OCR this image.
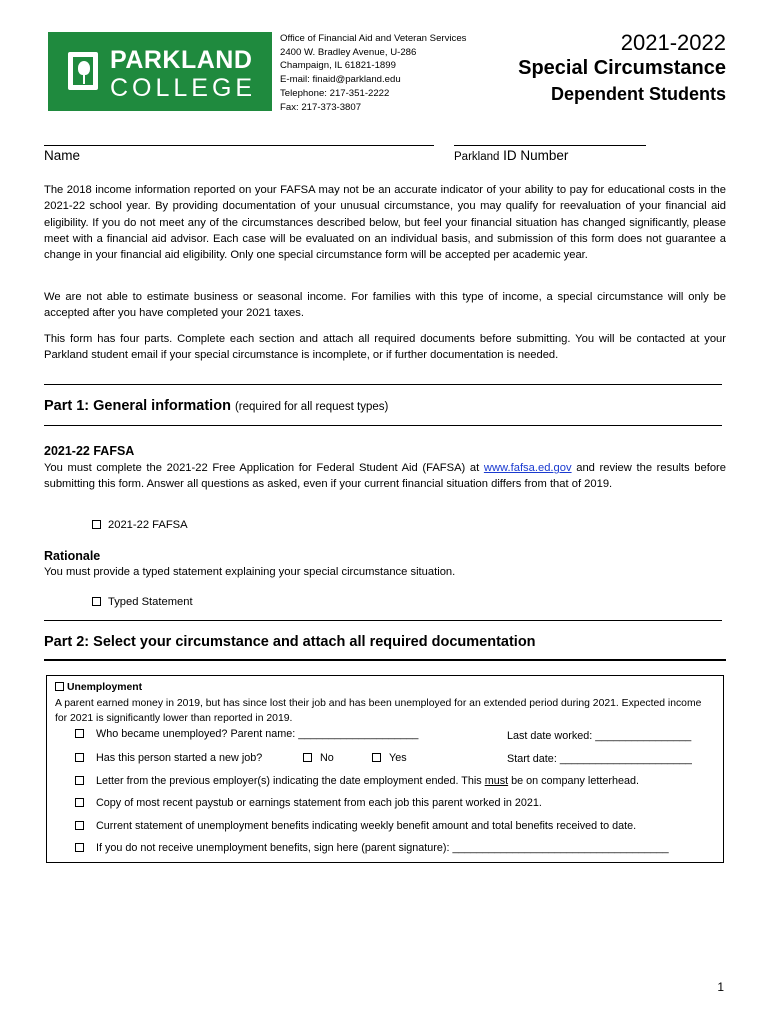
PARKLAND
COLLEGE
Office of Financial Aid and Veteran Services
2400 W. Bradley Avenue, U-286
Champaign, IL 61821-1899
E-mail: finaid@parkland.edu
Telephone: 217-351-2222
Fax: 217-373-3807
2021-2022
Special Circumstance
Dependent Students
Name	Parkland ID Number

The 2018 income information reported on your FAFSA may not be an accurate indicator of your ability to pay for educational costs in the 2021-22 school year. By providing documentation of your unusual circumstance, you may qualify for reevaluation of your financial aid eligibility. If you do not meet any of the circumstances described below, but feel your financial situation has changed significantly, please meet with a financial aid advisor. Each case will be evaluated on an individual basis, and submission of this form does not guarantee a change in your financial aid eligibility. Only one special circumstance form will be accepted per academic year.

We are not able to estimate business or seasonal income. For families with this type of income, a special circumstance will only be accepted after you have completed your 2021 taxes.

This form has four parts. Complete each section and attach all required documents before submitting. You will be contacted at your Parkland student email if your special circumstance is incomplete, or if further documentation is needed.

Part 1: General information (required for all request types)
2021-22 FAFSA

You must complete the 2021-22 Free Application for Federal Student Aid (FAFSA) at www.fafsa.ed.gov and review the results before submitting this form. Answer all questions as asked, even if your current financial situation differs from that of 2019.

2021-22 FAFSA
Rationale
You must provide a typed statement explaining your special circumstance situation.
Typed Statement
Part 2: Select your circumstance and attach all required documentation
Unemployment
A parent earned money in 2019, but has since lost their job and has been unemployed for an extended period during 2021. Expected income for 2021 is significantly lower than reported in 2019.
Who became unemployed? Parent name: ____________________	Last date worked: ________________
Has this person started a new job?	No	Yes	Start date: ______________________
Letter from the previous employer(s) indicating the date employment ended. This must be on company letterhead.
Copy of most recent paystub or earnings statement from each job this parent worked in 2021.
Current statement of unemployment benefits indicating weekly benefit amount and total benefits received to date.
If you do not receive unemployment benefits, sign here (parent signature): ____________________________________
1
